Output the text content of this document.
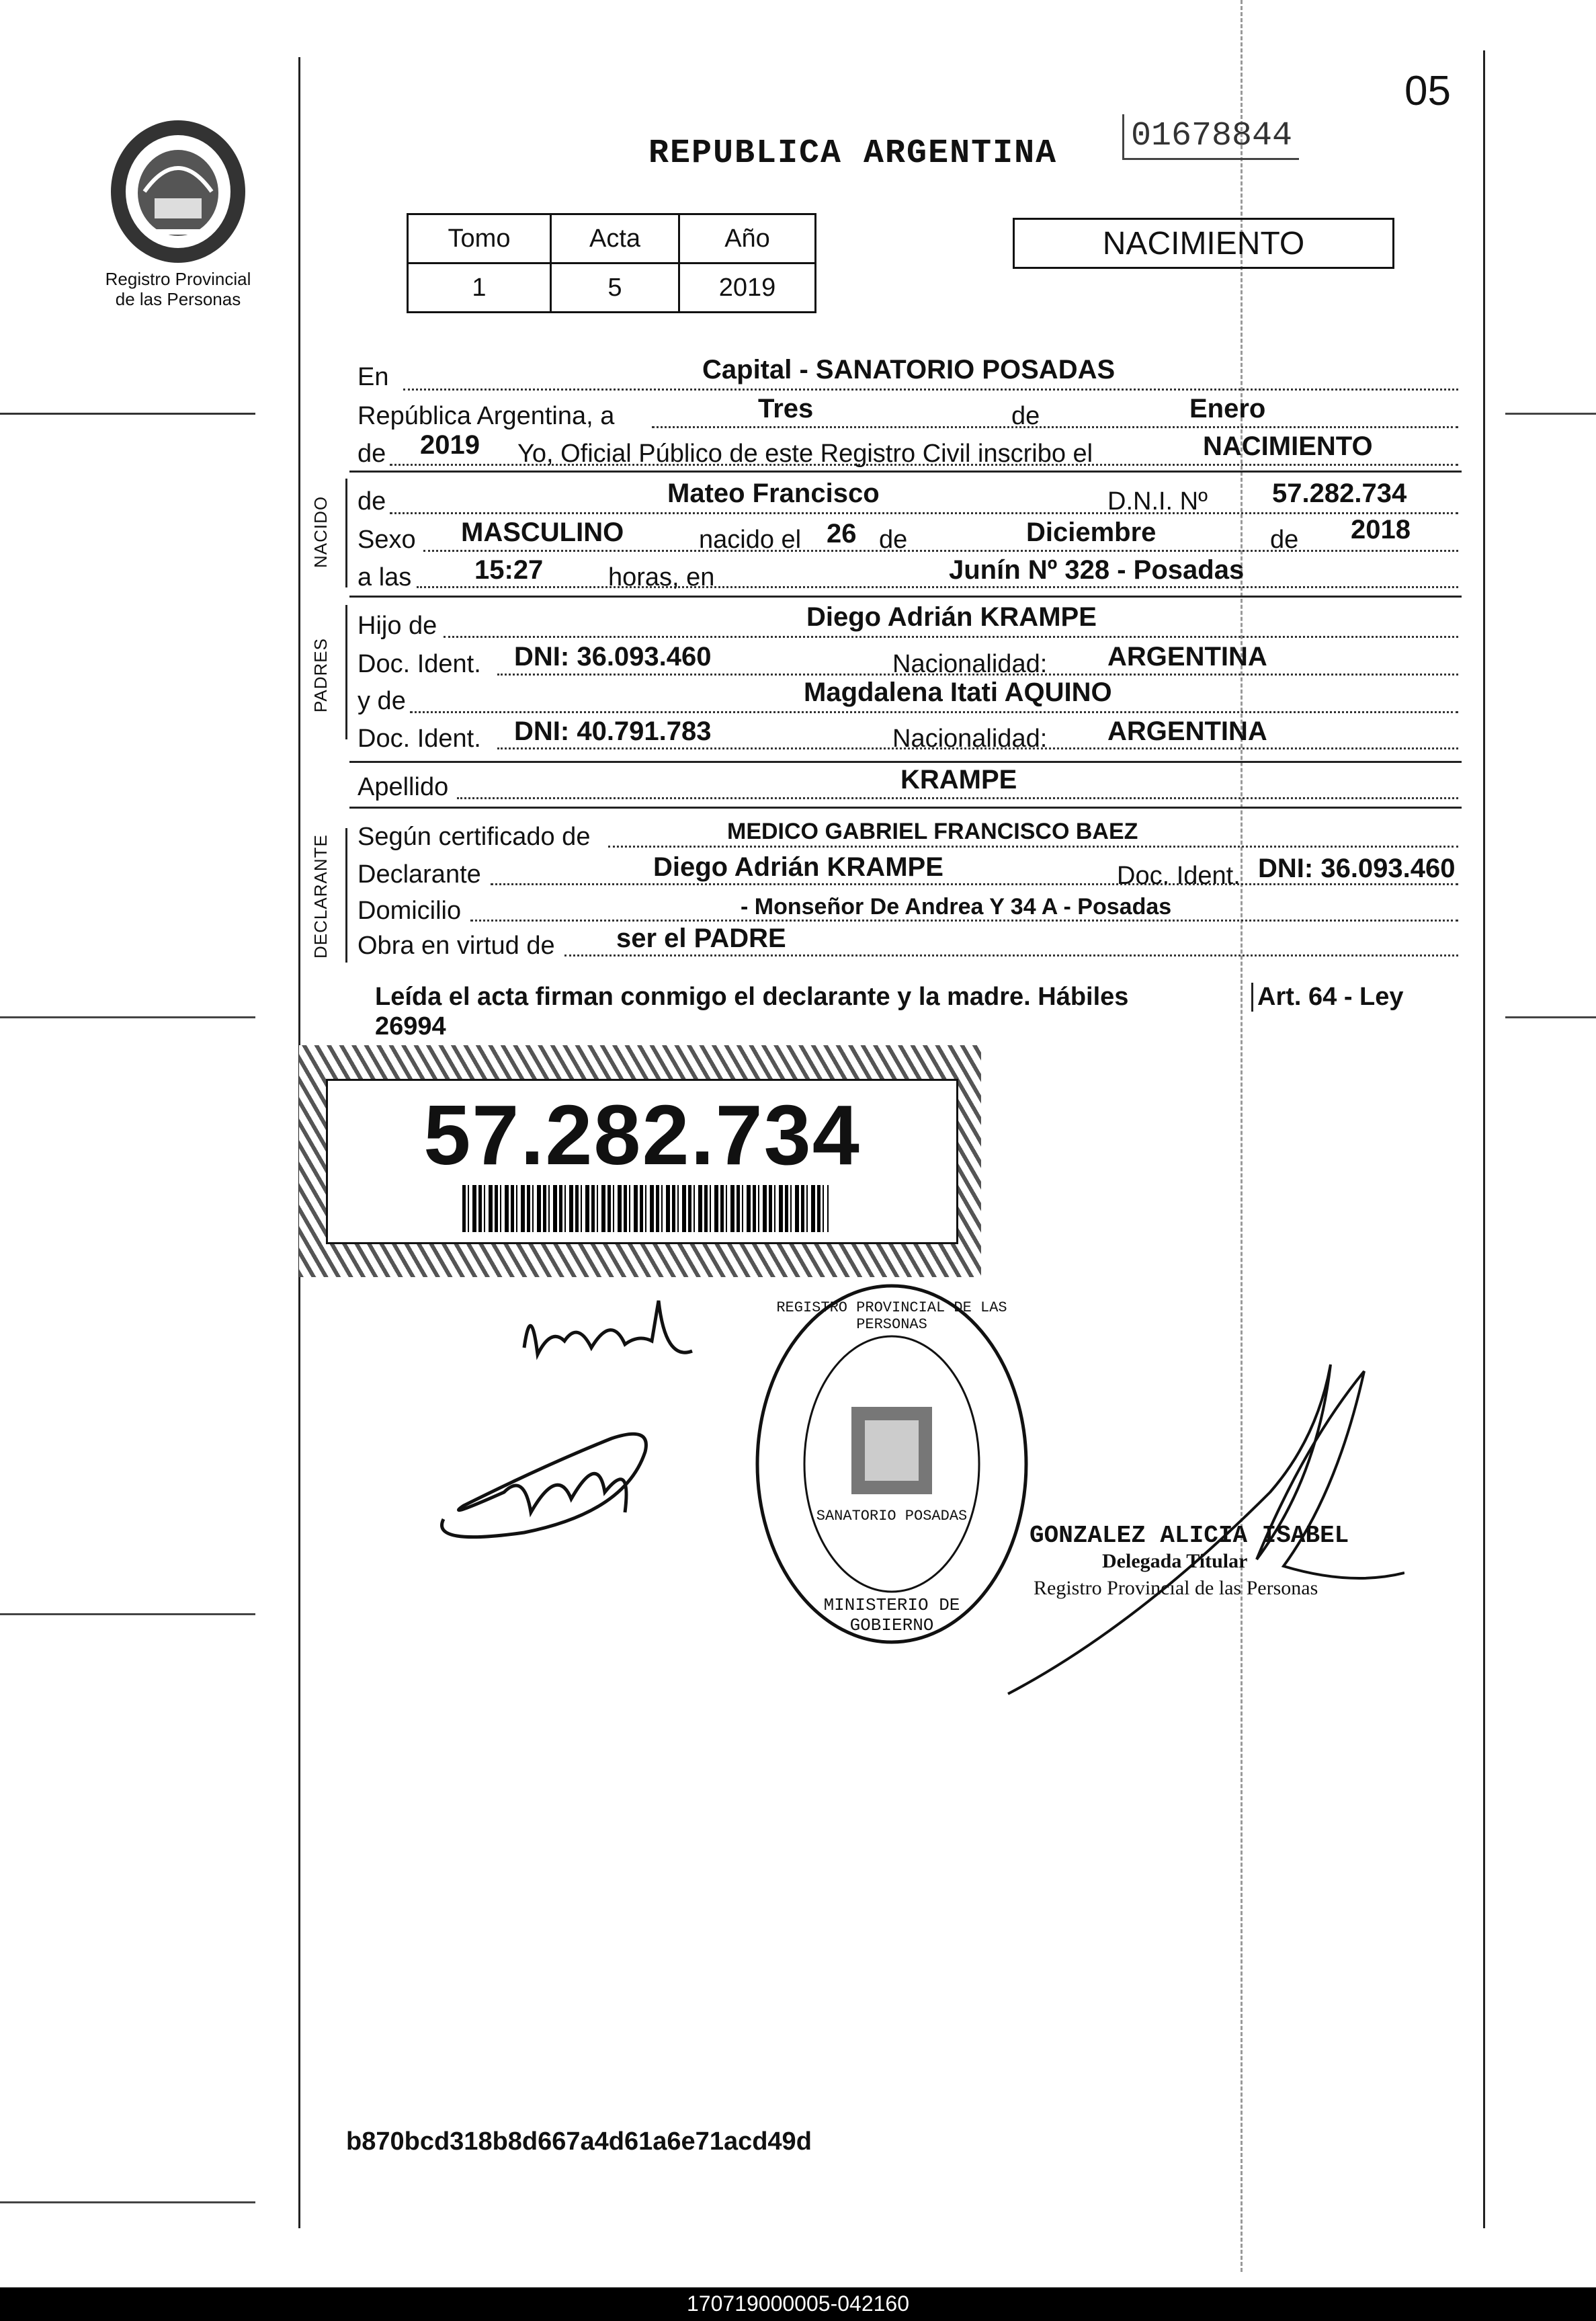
05
Registro Provincial
de las Personas
REPUBLICA ARGENTINA 01678844
Tomo	Acta	Año
1	5	2019
NACIMIENTO
En	Capital - SANATORIO POSADAS
República Argentina, a	Tres	de	Enero
de 2019 Yo, Oficial Público de este Registro Civil inscribo el	NACIMIENTO
NACIDO de	Mateo Francisco	D.N.I. Nº 57.282.734
Sexo MASCULINO	nacido el 26 de	Diciembre	de 2018
a las 15:27	horas, en	Junín Nº 328 - Posadas
PADRES
Hijo de	Diego Adrián KRAMPE
Doc. Ident. DNI: 36.093.460	Nacionalidad: ARGENTINA
y de	Magdalena Itati AQUINO
Doc. Ident. DNI: 40.791.783	Nacionalidad: ARGENTINA
Apellido	KRAMPE
DECLARANTE Según certificado de	MEDICO GABRIEL FRANCISCO BAEZ
Declarante	Diego Adrián KRAMPE	Doc. Ident. DNI: 36.093.460
Domicilio	- Monseñor De Andrea Y 34 A - Posadas
Obra en virtud de ser el PADRE
Leída el acta firman conmigo el declarante y la madre. Hábiles
26994
Art. 64 - Ley
57.282.734
REGISTRO PROVINCIAL DE LAS PERSONAS
SANATORIO POSADAS
MINISTERIO DE GOBIERNO
GONZALEZ ALICIA ISABEL
Delegada Titular
Registro Provincial de las Personas
b870bcd318b8d667a4d61a6e71acd49d
170719000005-042160
